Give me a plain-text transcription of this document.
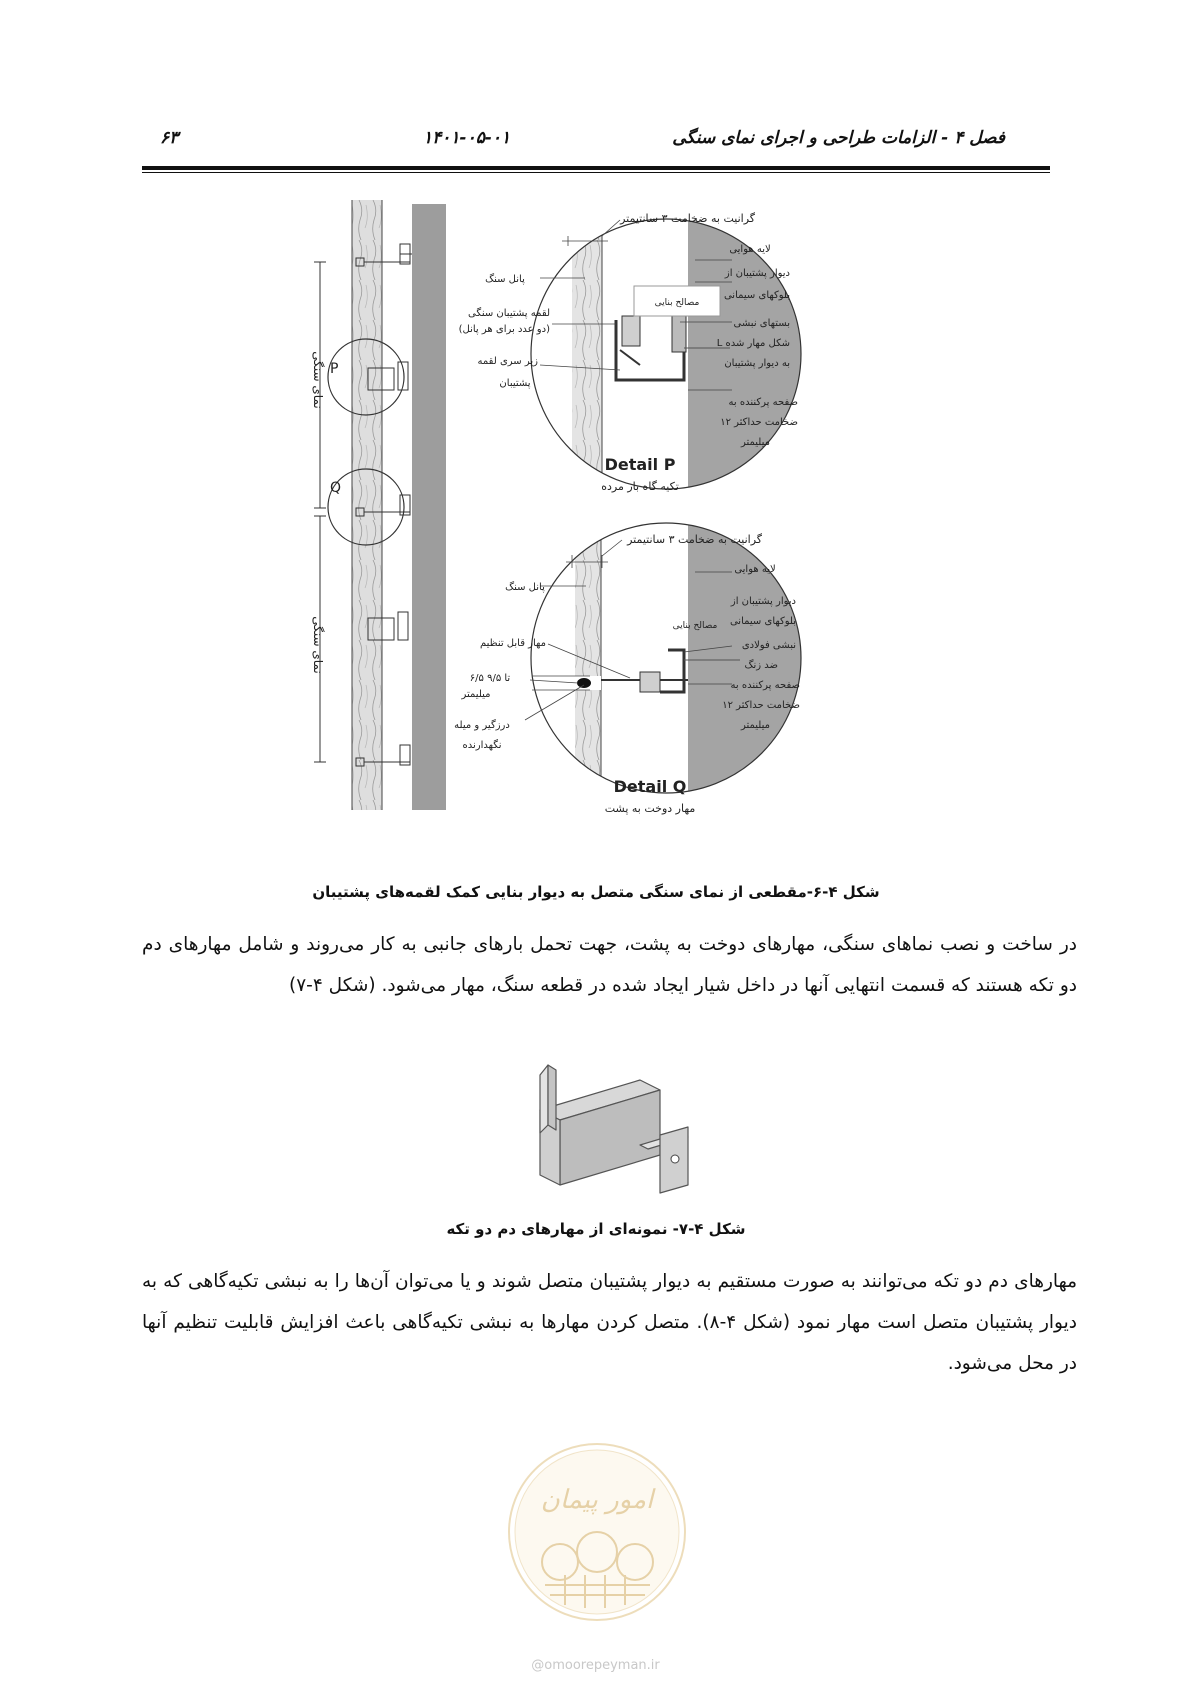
فصل ۴ - الزامات طراحی و اجرای نمای سنگی
۱۴۰۱-۰۵-۰۱
۶۳
نمای سنگی
نمای سنگی
P
Q
مصالح بنایی
گرانیت به ضخامت ۳ سانتیمتر
لایه هوایی
دیوار پشتیبان از
بلوکهای سیمانی
پانل سنگ
لقمه پشتیبان سنگی
(دو عدد برای هر پانل)
بستهای نبشی
L شکل مهار شده
به دیوار پشتیبان
زیر سری لقمه
پشتیبان
صفحه پرکننده به
ضخامت حداکثر ۱۲
میلیمتر
Detail P
تکیه گاه بار مرده
مصالح بنایی
گرانیت به ضخامت ۳ سانتیمتر
لایه هوایی
دیوار پشتیبان از
بلوکهای سیمانی
پانل سنگ
مهار قابل تنظیم	نبشی فولادی
ضد زنگ
۶/۵ تا ۹/۵
میلیمتر
درزگیر و میله
نگهدارنده
صفحه پرکننده به
ضخامت حداکثر ۱۲
میلیمتر
Detail Q
مهار دوخت به پشت
شکل ۴-۶-مقطعی از نمای سنگی متصل به دیوار بنایی کمک لقمه‌های پشتیبان

در ساخت و نصب نماهای سنگی، مهارهای دوخت به پشت، جهت تحمل بارهای جانبی به کار می‌روند و شامل مهارهای دم دو تکه هستند که قسمت انتهایی آنها در داخل شیار ایجاد شده در قطعه سنگ، مهار می‌شود. (شکل ۴-۷)

شکل ۴-۷- نمونه‌ای از مهارهای دم دو تکه

مهارهای دم دو تکه می‌توانند به صورت مستقیم به دیوار پشتیبان متصل شوند و یا می‌توان آن‌ها را به نبشی تکیه‌گاهی که به دیوار پشتیبان متصل است مهار نمود (شکل ۴-۸). متصل کردن مهارها به نبشی تکیه‌گاهی باعث افزایش قابلیت تنظیم آنها در محل می‌شود.

امور پیمان
@omoorepeyman.ir
